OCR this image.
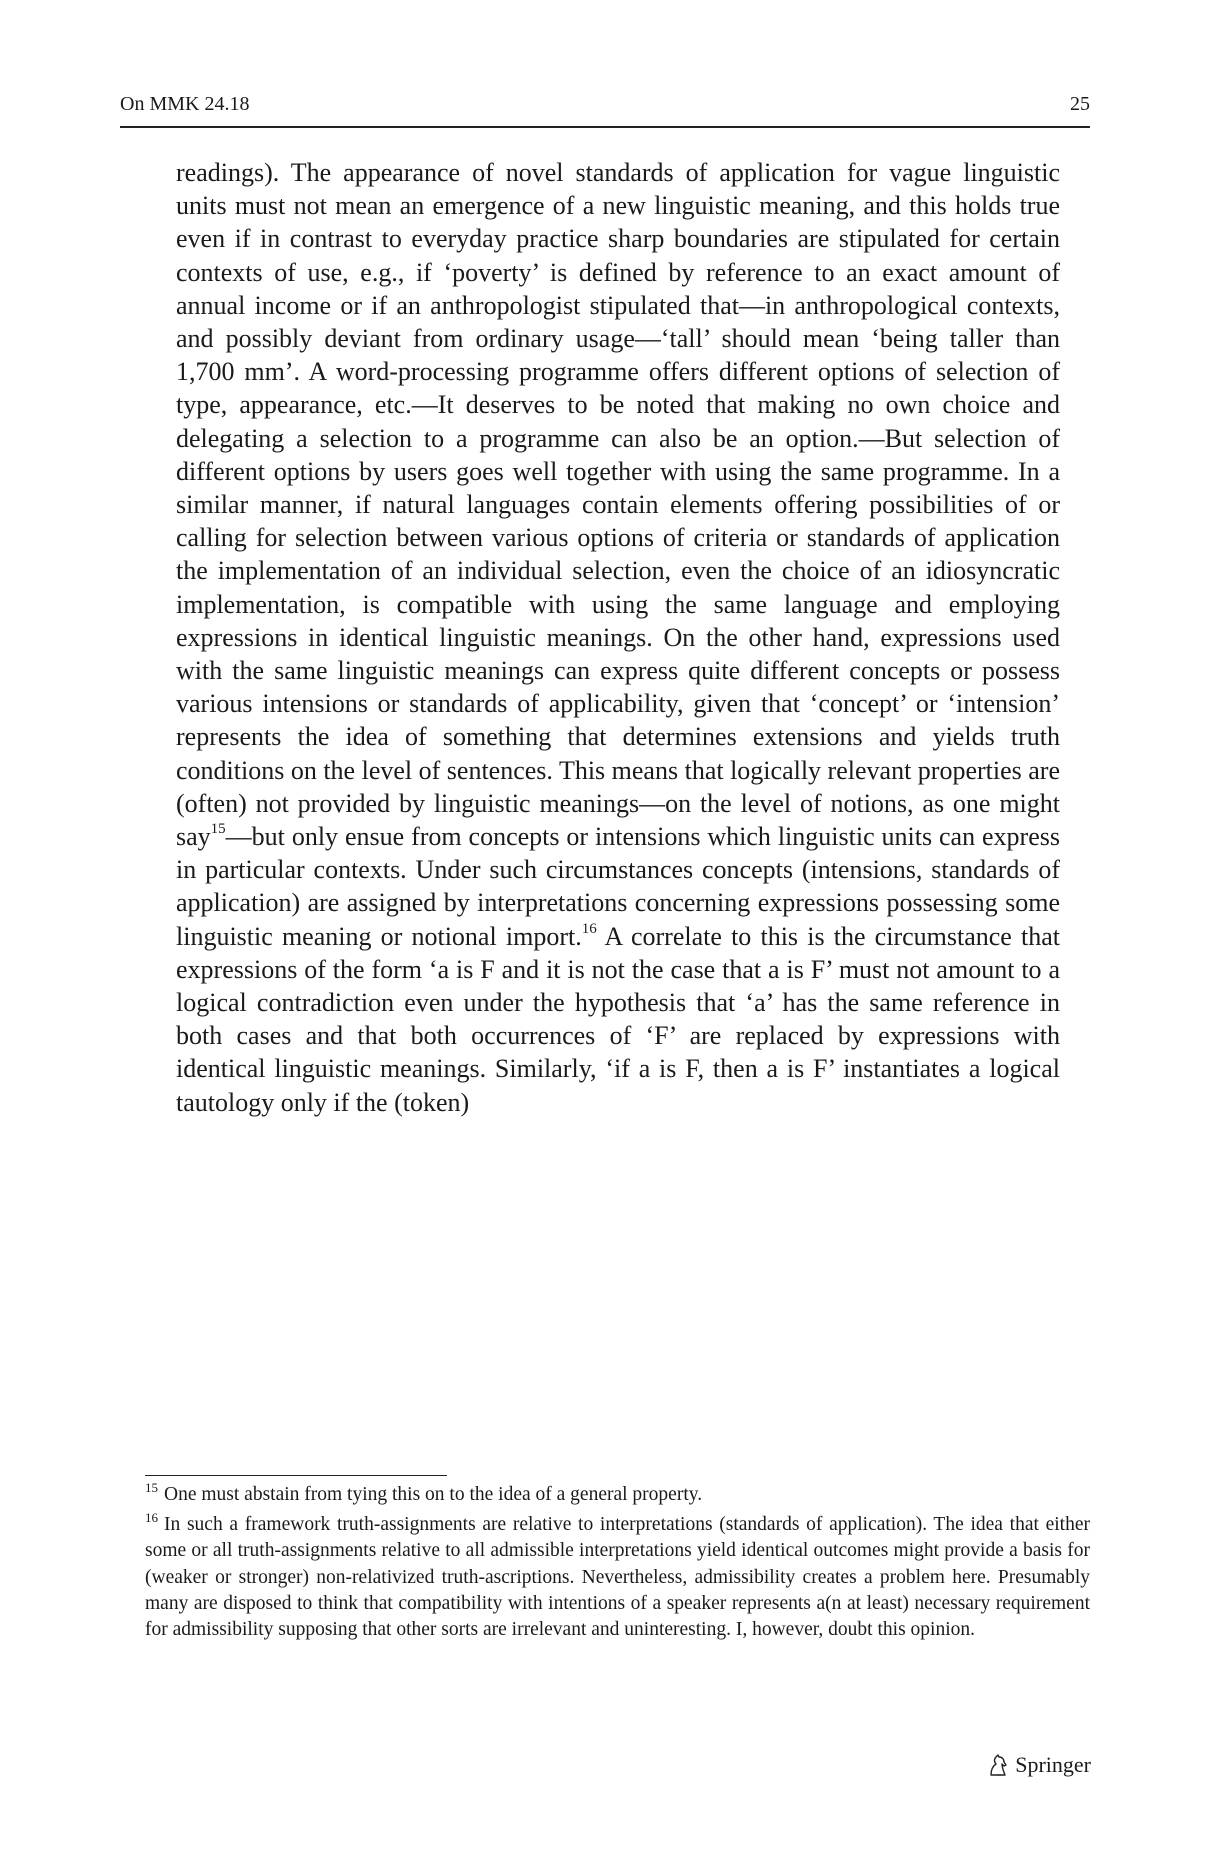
On MMK 24.18	25

readings). The appearance of novel standards of application for vague linguistic units must not mean an emergence of a new linguistic meaning, and this holds true even if in contrast to everyday practice sharp boundaries are stipulated for certain contexts of use, e.g., if ‘poverty’ is defined by reference to an exact amount of annual income or if an anthropologist stipulated that—in anthropological contexts, and possibly deviant from ordinary usage—‘tall’ should mean ‘being taller than 1,700 mm’. A word-processing programme offers different options of selection of type, appearance, etc.—It deserves to be noted that making no own choice and delegating a selection to a programme can also be an option.—But selection of different options by users goes well together with using the same programme. In a similar manner, if natural languages contain elements offering possibilities of or calling for selection between various options of criteria or standards of application the implementation of an individual selection, even the choice of an idiosyncratic implementation, is compatible with using the same language and employing expressions in identical linguistic meanings. On the other hand, expressions used with the same linguistic meanings can express quite different concepts or possess various intensions or standards of applicability, given that ‘concept’ or ‘intension’ represents the idea of something that determines extensions and yields truth conditions on the level of sentences. This means that logically relevant properties are (often) not provided by linguistic meanings—on the level of notions, as one might say$^{15}$—but only ensue from concepts or intensions which linguistic units can express in particular contexts. Under such circumstances concepts (intensions, standards of application) are assigned by interpretations concerning expressions possessing some linguistic meaning or notional import.$^{16}$ A correlate to this is the circumstance that expressions of the form ‘a is F and it is not the case that a is F’ must not amount to a logical contradiction even under the hypothesis that ‘a’ has the same reference in both cases and that both occurrences of ‘F’ are replaced by expressions with identical linguistic meanings. Similarly, ‘if a is F, then a is F’ instantiates a logical tautology only if the (token)

$^{15}$ One must abstain from tying this on to the idea of a general property.

$^{16}$ In such a framework truth-assignments are relative to interpretations (standards of application). The idea that either some or all truth-assignments relative to all admissible interpretations yield identical outcomes might provide a basis for (weaker or stronger) non-relativized truth-ascriptions. Nevertheless, admissibility creates a problem here. Presumably many are disposed to think that compatibility with intentions of a speaker represents a(n at least) necessary requirement for admissibility supposing that other sorts are irrelevant and uninteresting. I, however, doubt this opinion.

Springer
